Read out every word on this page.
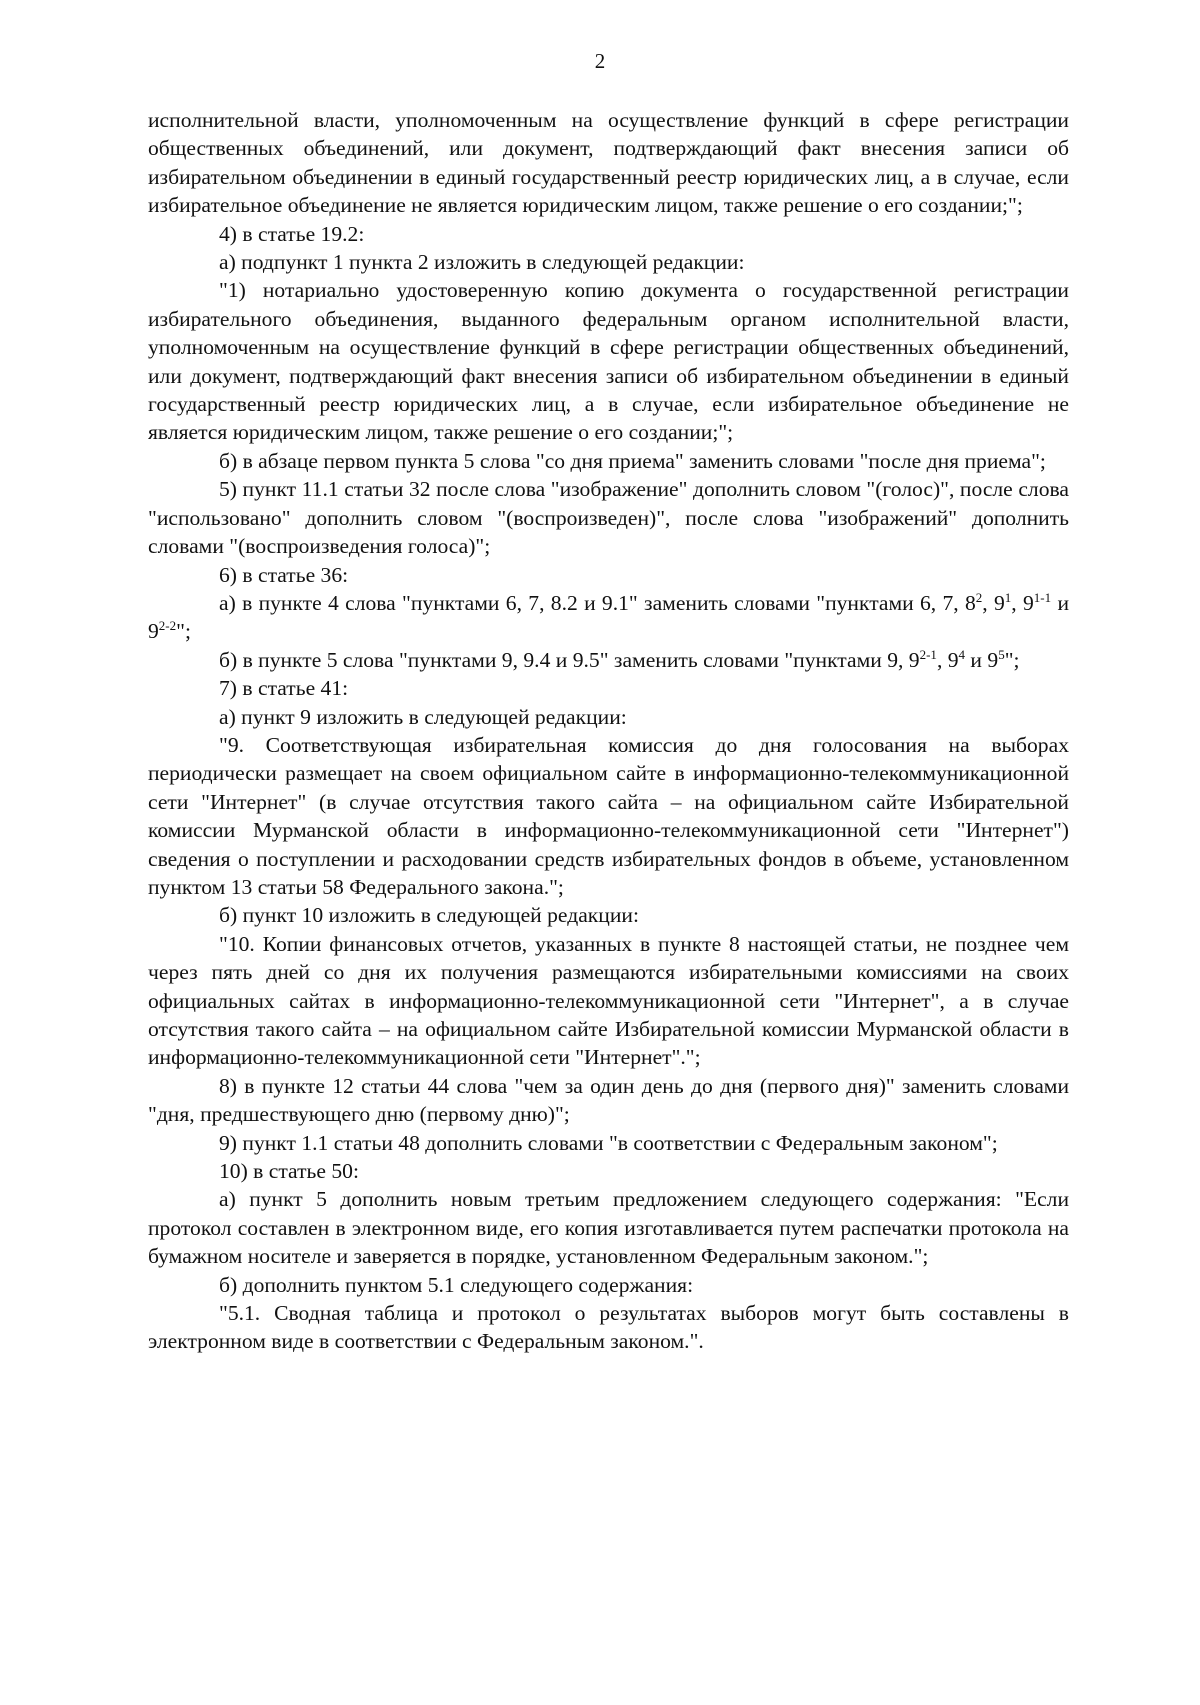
2

исполнительной власти, уполномоченным на осуществление функций в сфере регистрации общественных объединений, или документ, подтверждающий факт внесения записи об избирательном объединении в единый государственный реестр юридических лиц, а в случае, если избирательное объединение не является юридическим лицом, также решение о его создании;";

4) в статье 19.2:

а) подпункт 1 пункта 2 изложить в следующей редакции:

"1) нотариально удостоверенную копию документа о государственной регистрации избирательного объединения, выданного федеральным органом исполнительной власти, уполномоченным на осуществление функций в сфере регистрации общественных объединений, или документ, подтверждающий факт внесения записи об избирательном объединении в единый государственный реестр юридических лиц, а в случае, если избирательное объединение не является юридическим лицом, также решение о его создании;";

б) в абзаце первом пункта 5 слова "со дня приема" заменить словами "после дня приема";

5) пункт 11.1 статьи 32 после слова "изображение" дополнить словом "(голос)", после слова "использовано" дополнить словом "(воспроизведен)", после слова "изображений" дополнить словами "(воспроизведения голоса)";

6) в статье 36:

а) в пункте 4 слова "пунктами 6, 7, 8.2 и 9.1" заменить словами "пунктами 6, 7, $8^2$, $9^1$, 9$^{1-1}$ и 9$^{2-2}$";

б) в пункте 5 слова "пунктами 9, 9.4 и 9.5" заменить словами "пунктами 9, 9$^{2-1}$, $9^4$ и $9^5$";

7) в статье 41:

а) пункт 9 изложить в следующей редакции:

"9. Соответствующая избирательная комиссия до дня голосования на выборах периодически размещает на своем официальном сайте в информационно-телекоммуникационной сети "Интернет" (в случае отсутствия такого сайта – на официальном сайте Избирательной комиссии Мурманской области в информационно-телекоммуникационной сети "Интернет") сведения о поступлении и расходовании средств избирательных фондов в объеме, установленном пунктом 13 статьи 58 Федерального закона.";

б) пункт 10 изложить в следующей редакции:

"10. Копии финансовых отчетов, указанных в пункте 8 настоящей статьи, не позднее чем через пять дней со дня их получения размещаются избирательными комиссиями на своих официальных сайтах в информационно-телекоммуникационной сети "Интернет", а в случае отсутствия такого сайта – на официальном сайте Избирательной комиссии Мурманской области в информационно-телекоммуникационной сети "Интернет".";

8) в пункте 12 статьи 44 слова "чем за один день до дня (первого дня)" заменить словами "дня, предшествующего дню (первому дню)";

9) пункт 1.1 статьи 48 дополнить словами "в соответствии с Федеральным законом";

10) в статье 50:

а) пункт 5 дополнить новым третьим предложением следующего содержания: "Если протокол составлен в электронном виде, его копия изготавливается путем распечатки протокола на бумажном носителе и заверяется в порядке, установленном Федеральным законом.";

б) дополнить пунктом 5.1 следующего содержания:

"5.1. Сводная таблица и протокол о результатах выборов могут быть составлены в электронном виде в соответствии с Федеральным законом.".
